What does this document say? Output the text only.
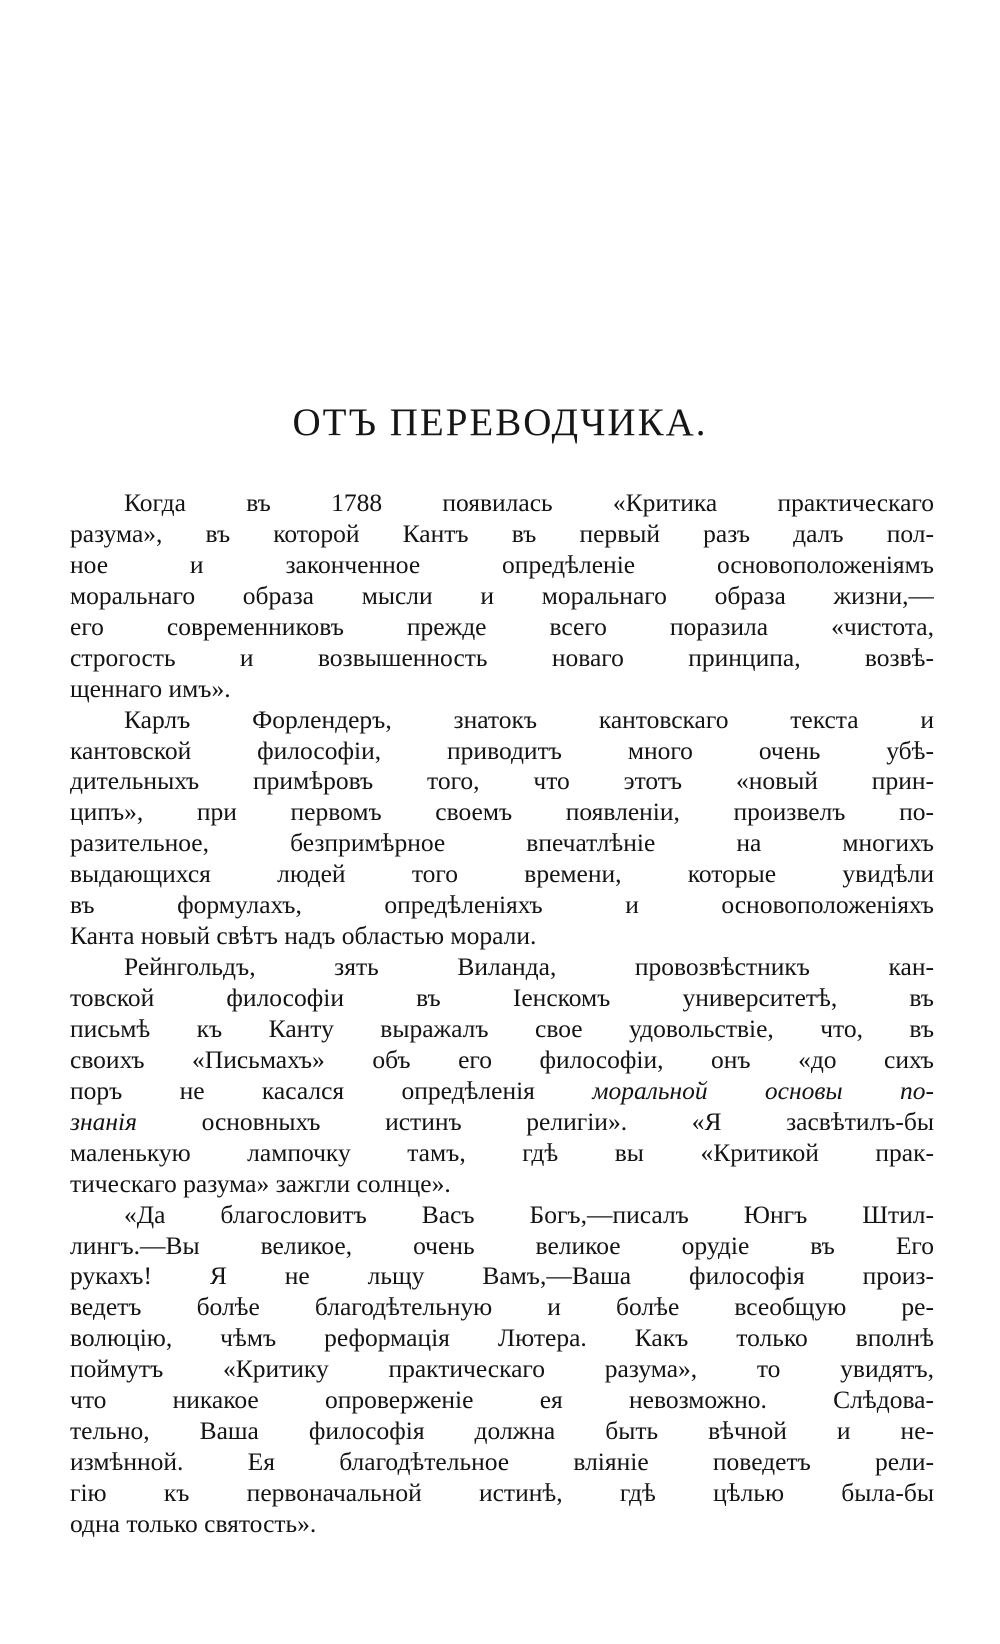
ОТЪ ПЕРЕВОДЧИКА.
Когда въ 1788 появилась «Критика практическаго
разума», въ которой Кантъ въ первый разъ далъ пол-
ное и законченное опредѣленіе основоположеніямъ
моральнаго образа мысли и моральнаго образа жизни,—
его современниковъ прежде всего поразила «чистота,
строгость и возвышенность новаго принципа, возвѣ-
щеннаго имъ».
Карлъ Форлендеръ, знатокъ кантовскаго текста и
кантовской философіи, приводитъ много очень убѣ-
дительныхъ примѣровъ того, что этотъ «новый прин-
ципъ», при первомъ своемъ появленіи, произвелъ по-
разительное, безпримѣрное впечатлѣніе на многихъ
выдающихся людей того времени, которые увидѣли
въ формулахъ, опредѣленіяхъ и основоположеніяхъ
Канта новый свѣтъ надъ областью морали.
Рейнгольдъ, зять Виланда, провозвѣстникъ кан-
товской философіи въ Іенскомъ университетѣ, въ
письмѣ къ Канту выражалъ свое удовольствіе, что, въ
своихъ «Письмахъ» объ его философіи, онъ «до сихъ
поръ не касался опредѣленія моральной основы по-
знанія основныхъ истинъ религіи». «Я засвѣтилъ-бы
маленькую лампочку тамъ, гдѣ вы «Критикой прак-
тическаго разума» зажгли солнце».
«Да благословитъ Васъ Богъ,—писалъ Юнгъ Штил-
лингъ.—Вы великое, очень великое орудіе въ Его
рукахъ! Я не льщу Вамъ,—Ваша философія произ-
ведетъ болѣе благодѣтельную и болѣе всеобщую ре-
волюцію, чѣмъ реформація Лютера. Какъ только вполнѣ
поймутъ «Критику практическаго разума», то увидятъ,
что никакое опроверженіе ея невозможно. Слѣдова-
тельно, Ваша философія должна быть вѣчной и не-
измѣнной. Ея благодѣтельное вліяніе поведетъ рели-
гію къ первоначальной истинѣ, гдѣ цѣлью была-бы
одна только святость».
